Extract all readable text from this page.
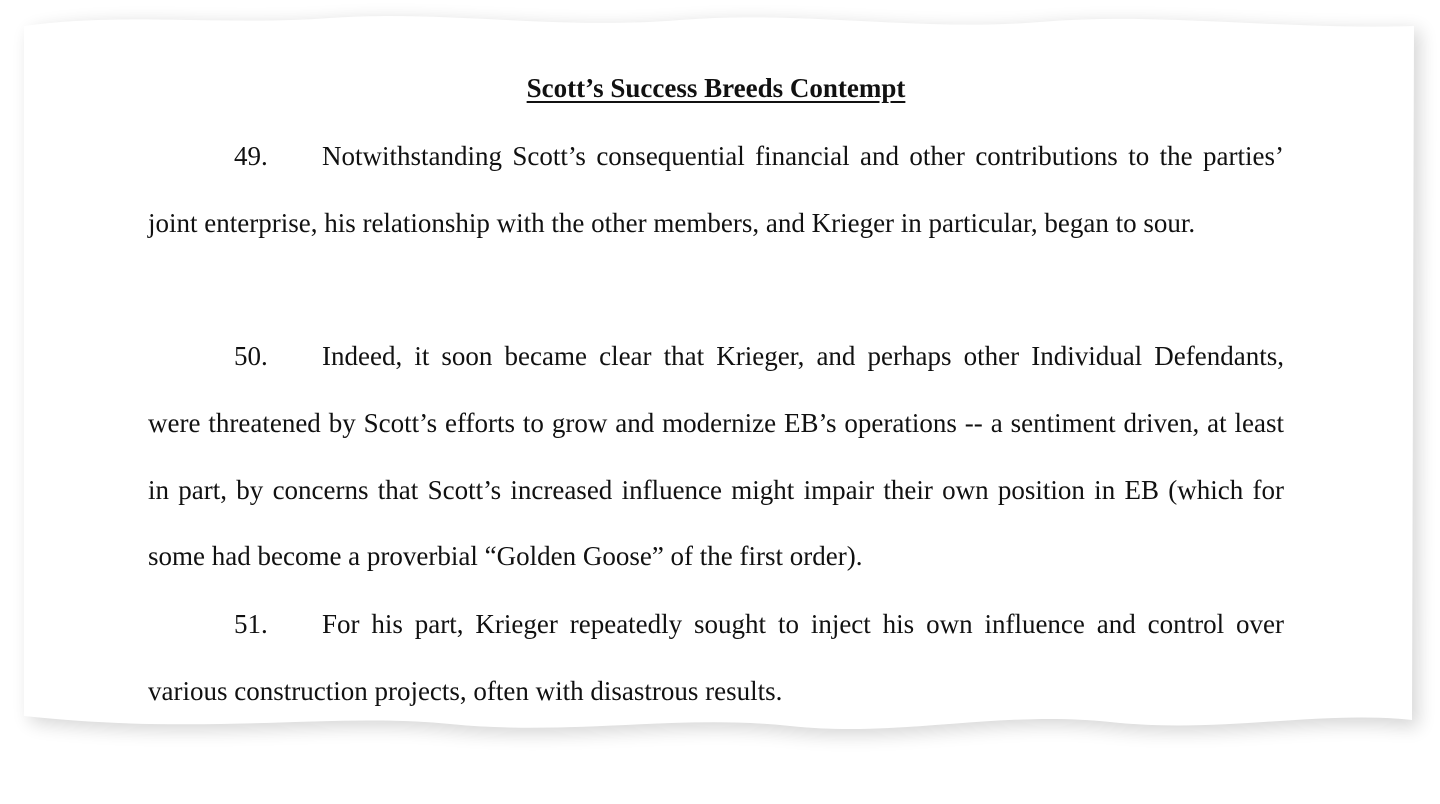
Scott’s Success Breeds Contempt

49. Notwithstanding Scott’s consequential financial and other contributions to the parties’ joint enterprise, his relationship with the other members, and Krieger in particular, began to sour.

50. Indeed, it soon became clear that Krieger, and perhaps other Individual Defendants, were threatened by Scott’s efforts to grow and modernize EB’s operations -- a sentiment driven, at least in part, by concerns that Scott’s increased influence might impair their own position in EB (which for some had become a proverbial “Golden Goose” of the first order).

51. For his part, Krieger repeatedly sought to inject his own influence and control over various construction projects, often with disastrous results.
